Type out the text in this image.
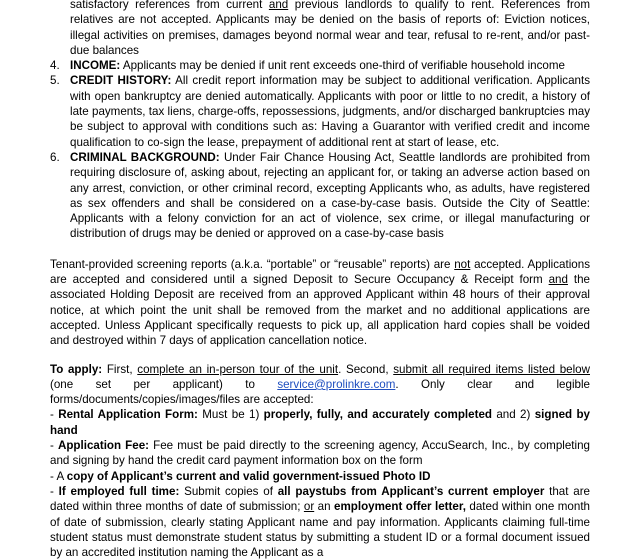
satisfactory references from current and previous landlords to qualify to rent. References from relatives are not accepted. Applicants may be denied on the basis of reports of: Eviction notices, illegal activities on premises, damages beyond normal wear and tear, refusal to re-rent, and/or past-due balances

4. INCOME: Applicants may be denied if unit rent exceeds one-third of verifiable household income

5. CREDIT HISTORY: All credit report information may be subject to additional verification. Applicants with open bankruptcy are denied automatically. Applicants with poor or little to no credit, a history of late payments, tax liens, charge-offs, repossessions, judgments, and/or discharged bankruptcies may be subject to approval with conditions such as: Having a Guarantor with verified credit and income qualification to co-sign the lease, prepayment of additional rent at start of lease, etc.

6. CRIMINAL BACKGROUND: Under Fair Chance Housing Act, Seattle landlords are prohibited from requiring disclosure of, asking about, rejecting an applicant for, or taking an adverse action based on any arrest, conviction, or other criminal record, excepting Applicants who, as adults, have registered as sex offenders and shall be considered on a case-by-case basis. Outside the City of Seattle: Applicants with a felony conviction for an act of violence, sex crime, or illegal manufacturing or distribution of drugs may be denied or approved on a case-by-case basis

Tenant-provided screening reports (a.k.a. “portable” or “reusable” reports) are not accepted. Applications are accepted and considered until a signed Deposit to Secure Occupancy & Receipt form and the associated Holding Deposit are received from an approved Applicant within 48 hours of their approval notice, at which point the unit shall be removed from the market and no additional applications are accepted. Unless Applicant specifically requests to pick up, all application hard copies shall be voided and destroyed within 7 days of application cancellation notice.

To apply: First, complete an in-person tour of the unit. Second, submit all required items listed below (one set per applicant) to service@prolinkre.com. Only clear and legible forms/documents/copies/images/files are accepted:

- Rental Application Form: Must be 1) properly, fully, and accurately completed and 2) signed by hand

- Application Fee: Fee must be paid directly to the screening agency, AccuSearch, Inc., by completing and signing by hand the credit card payment information box on the form

- A copy of Applicant’s current and valid government-issued Photo ID

- If employed full time: Submit copies of all paystubs from Applicant’s current employer that are dated within three months of date of submission; or an employment offer letter, dated within one month of date of submission, clearly stating Applicant name and pay information. Applicants claiming full-time student status must demonstrate student status by submitting a student ID or a formal document issued by an accredited institution naming the Applicant as a
